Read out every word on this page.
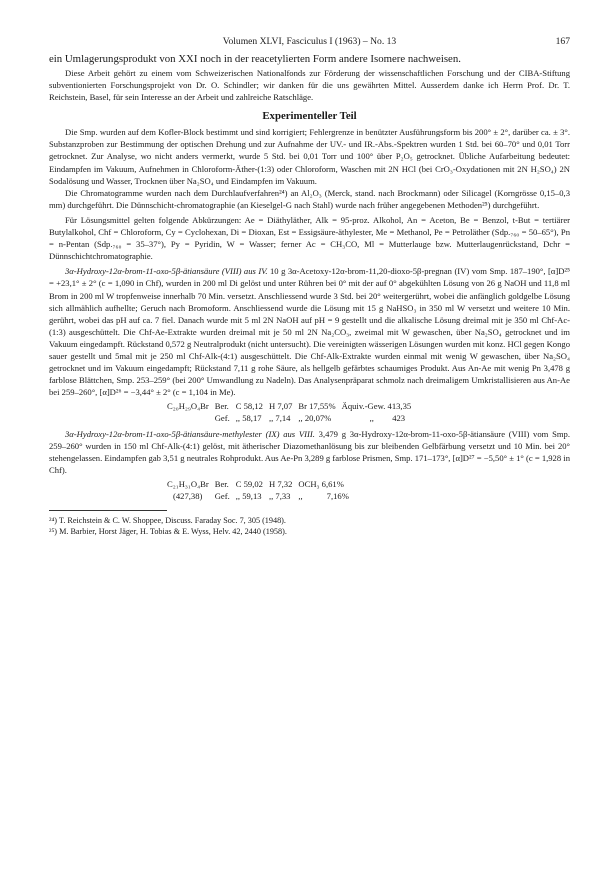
Volumen XLVI, Fasciculus I (1963) – No. 13	167

ein Umlagerungsprodukt von XXI noch in der reacetylierten Form andere Isomere nachweisen.

Diese Arbeit gehört zu einem vom Schweizerischen Nationalfonds zur Förderung der wissenschaftlichen Forschung und der CIBA-Stiftung subventionierten Forschungsprojekt von Dr. O. Schindler; wir danken für die uns gewährten Mittel. Ausserdem danke ich Herrn Prof. Dr. T. Reichstein, Basel, für sein Interesse an der Arbeit und zahlreiche Ratschläge.

Experimenteller Teil

Die Smp. wurden auf dem Kofler-Block bestimmt und sind korrigiert; Fehlergrenze in benützter Ausführungsform bis 200° ± 2°, darüber ca. ± 3°. Substanzproben zur Bestimmung der optischen Drehung und zur Aufnahme der UV.- und IR.-Abs.-Spektren wurden 1 Std. bei 60–70° und 0,01 Torr getrocknet. Zur Analyse, wo nicht anders vermerkt, wurde 5 Std. bei 0,01 Torr und 100° über P₂O₅ getrocknet. Übliche Aufarbeitung bedeutet: Eindampfen im Vakuum, Aufnehmen in Chloroform-Äther-(1:3) oder Chloroform, Waschen mit 2N HCl (bei CrO₃-Oxydationen mit 2N H₂SO₄) 2N Sodalösung und Wasser, Trocknen über Na₂SO₄ und Eindampfen im Vakuum.

Die Chromatogramme wurden nach dem Durchlaufverfahren²⁴) an Al₂O₃ (Merck, stand. nach Brockmann) oder Silicagel (Korngrösse 0,15–0,3 mm) durchgeführt. Die Dünnschicht-chromatographie (an Kieselgel-G nach Stahl) wurde nach früher angegebenen Methoden²⁵) durchgeführt.

Für Lösungsmittel gelten folgende Abkürzungen: Ae = Diäthyläther, Alk = 95-proz. Alkohol, An = Aceton, Be = Benzol, t-But = tertiärer Butylalkohol, Chf = Chloroform, Cy = Cyclohexan, Di = Dioxan, Est = Essigsäure-äthylester, Me = Methanol, Pe = Petroläther (Sdp.₇₆₀ = 50–65°), Pn = n-Pentan (Sdp.₇₆₀ = 35–37°), Py = Pyridin, W = Wasser; ferner Ac = CH₃CO, Ml = Mutterlauge bzw. Mutterlaugenrückstand, Dchr = Dünnschichtchromatographie.

3α-Hydroxy-12α-brom-11-oxo-5β-ätiansäure (VIII) aus IV. 10 g 3α-Acetoxy-12α-brom-11,20-dioxo-5β-pregnan (IV) vom Smp. 187–190°, [α]D²⁵ = +23,1° ± 2° (c = 1,090 in Chf), wurden in 200 ml Di gelöst und unter Rühren bei 0° mit der auf 0° abgekühlten Lösung von 26 g NaOH und 11,8 ml Brom in 200 ml W tropfenweise innerhalb 70 Min. versetzt. Anschliessend wurde 3 Std. bei 20° weitergerührt, wobei die anfänglich goldgelbe Lösung sich allmählich aufhellte; Geruch nach Bromoform. Anschliessend wurde die Lösung mit 15 g NaHSO₃ in 350 ml W versetzt und weitere 10 Min. gerührt, wobei das pH auf ca. 7 fiel. Danach wurde mit 5 ml 2N NaOH auf pH = 9 gestellt und die alkalische Lösung dreimal mit je 350 ml Chf-Ac-(1:3) ausgeschüttelt. Die Chf-Ae-Extrakte wurden dreimal mit je 50 ml 2N Na₂CO₃, zweimal mit W gewaschen, über Na₂SO₄ getrocknet und im Vakuum eingedampft. Rückstand 0,572 g Neutralprodukt (nicht untersucht). Die vereinigten wässerigen Lösungen wurden mit konz. HCl gegen Kongo sauer gestellt und 5mal mit je 250 ml Chf-Alk-(4:1) ausgeschüttelt. Die Chf-Alk-Extrakte wurden einmal mit wenig W gewaschen, über Na₂SO₄ getrocknet und im Vakuum eingedampft; Rückstand 7,11 g rohe Säure, als hellgelb gefärbtes schaumiges Produkt. Aus An-Ae mit wenig Pn 3,478 g farblose Blättchen, Smp. 253–259° (bei 200° Umwandlung zu Nadeln). Das Analysenpräparat schmolz nach dreimaligem Umkristallisieren aus An-Ae bei 259–260°, [α]D²⁶ = −3,44° ± 2° (c = 1,104 in Me).

C₂₀H₂₉O₄Br	Ber.	C 58,12	H 7,07	Br 17,55%	Äquiv.-Gew. 413,35	
	Gef.	,, 58,17	,, 7,14	,, 20,07%	,,	423

3α-Hydroxy-12α-brom-11-oxo-5β-ätiansäure-methylester (IX) aus VIII. 3,479 g 3α-Hydroxy-12α-brom-11-oxo-5β-ätiansäure (VIII) vom Smp. 259–260° wurden in 150 ml Chf-Alk-(4:1) gelöst, mit ätherischer Diazomethanlösung bis zur bleibenden Gelbfärbung versetzt und 10 Min. bei 20° stehengelassen. Eindampfen gab 3,51 g neutrales Rohprodukt. Aus Ae-Pn 3,289 g farblose Prismen, Smp. 171–173°, [α]D²⁷ = −5,50° ± 1° (c = 1,928 in Chf).

C₂₁H₃₁O₄Br	Ber.	C 59,02	H 7,32	OCH₃ 6,61%	
(427,38)	Gef.	,, 59,13	,, 7,33	,,	7,16%
²⁴) T. Reichstein & C. W. Shoppee, Discuss. Faraday Soc. 7, 305 (1948).
²⁵) M. Barbier, Horst Jäger, H. Tobias & E. Wyss, Helv. 42, 2440 (1958).
